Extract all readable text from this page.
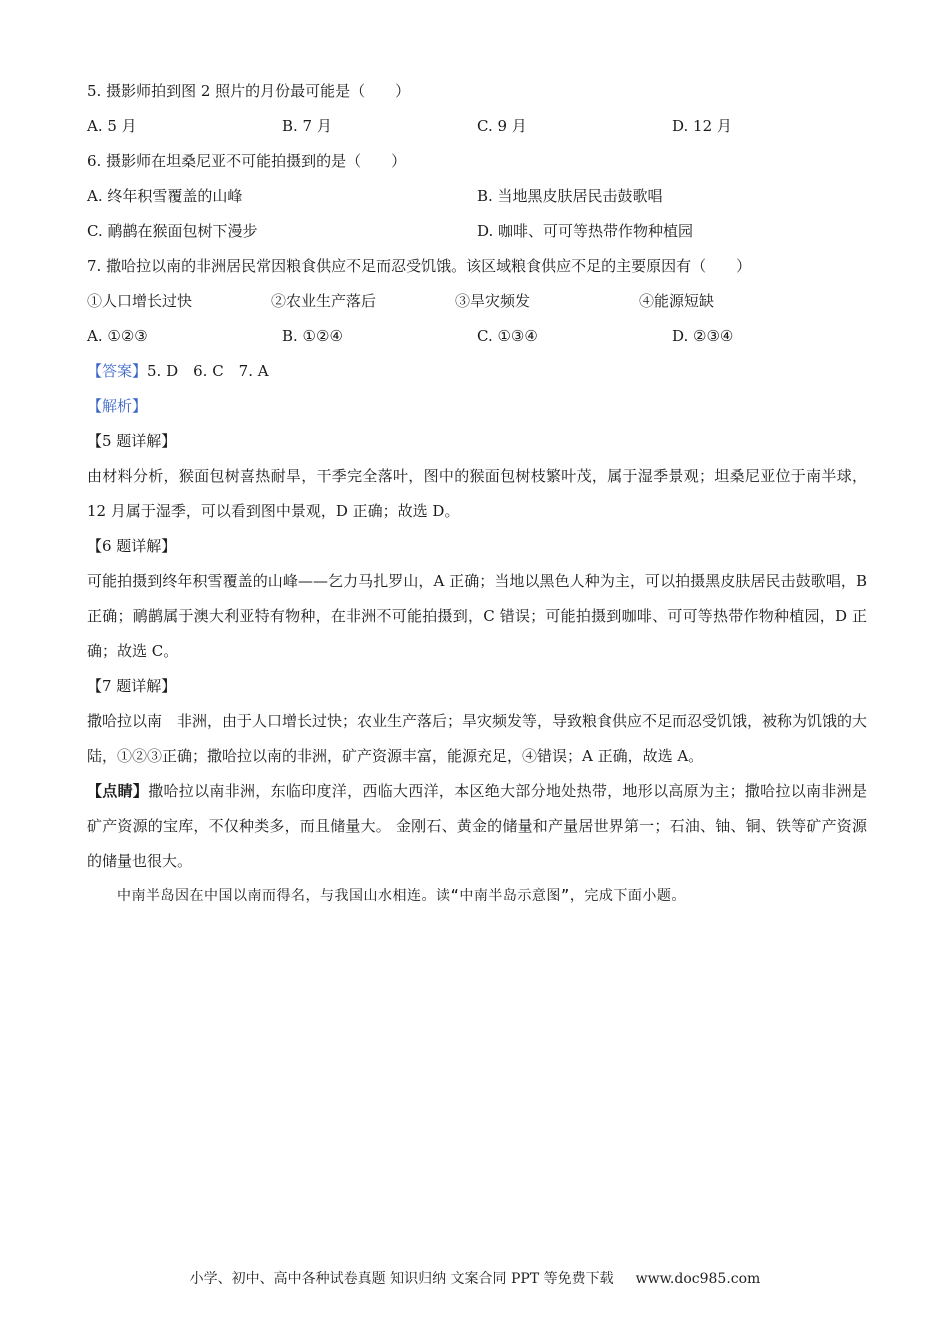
5. 摄影师拍到图 2 照片的月份最可能是（　　）
A. 5 月	B. 7 月	C. 9 月	D. 12 月
6. 摄影师在坦桑尼亚不可能拍摄到的是（　　）
A. 终年积雪覆盖的山峰	B. 当地黑皮肤居民击鼓歌唱
C. 鸸鹋在猴面包树下漫步	D. 咖啡、可可等热带作物种植园
7. 撒哈拉以南的非洲居民常因粮食供应不足而忍受饥饿。该区域粮食供应不足的主要原因有（　　）
①人口增长过快	②农业生产落后	③旱灾频发	④能源短缺
A. ①②③	B. ①②④	C. ①③④	D. ②③④
【答案】5. D　6. C　7. A
【解析】
【5 题详解】

由材料分析，猴面包树喜热耐旱，干季完全落叶，图中的猴面包树枝繁叶茂，属于湿季景观；坦桑尼亚位于南半球，12 月属于湿季，可以看到图中景观，D 正确；故选 D。

【6 题详解】

可能拍摄到终年积雪覆盖的山峰——乞力马扎罗山，A 正确；当地以黑色人种为主，可以拍摄黑皮肤居民击鼓歌唱，B 正确；鸸鹋属于澳大利亚特有物种，在非洲不可能拍摄到，C 错误；可能拍摄到咖啡、可可等热带作物种植园，D 正确；故选 C。

【7 题详解】

撒哈拉以南　非洲，由于人口增长过快；农业生产落后；旱灾频发等，导致粮食供应不足而忍受饥饿，被称为饥饿的大陆，①②③正确；撒哈拉以南的非洲，矿产资源丰富，能源充足，④错误；A 正确，故选 A。

【点睛】撒哈拉以南非洲，东临印度洋，西临大西洋，本区绝大部分地处热带，地形以高原为主；撒哈拉以南非洲是矿产资源的宝库，不仅种类多，而且储量大。 金刚石、黄金的储量和产量居世界第一；石油、铀、铜、铁等矿产资源的储量也很大。

中南半岛因在中国以南而得名，与我国山水相连。读“中南半岛示意图”，完成下面小题。
小学、初中、高中各种试卷真题 知识归纳 文案合同 PPT 等免费下载 www.doc985.com
